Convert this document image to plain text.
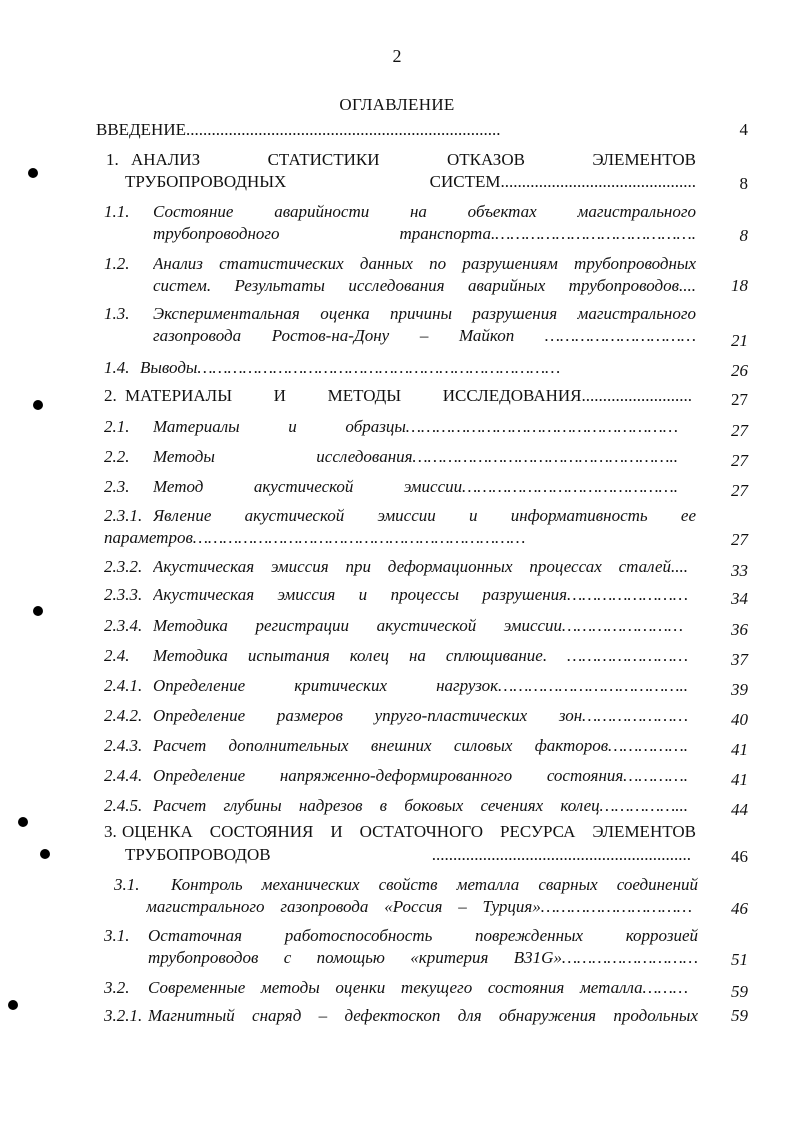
2
ОГЛАВЛЕНИЕ
ВВЕДЕНИЕ..........................................................................	4
1. АНАЛИЗ СТАТИСТИКИ ОТКАЗОВ ЭЛЕМЕНТОВ
ТРУБОПРОВОДНЫХ СИСТЕМ..............................................	8
1.1. Состояние аварийности на объектах магистрального
трубопроводного транспорта.………………………………….	8
1.2. Анализ статистических данных по разрушениям трубопроводных
систем. Результаты исследования аварийных трубопроводов....	18
1.3. Экспериментальная оценка причины разрушения магистрального
газопровода Ростов-на-Дону – Майкоп …………………………	21
1.4. Выводы………………………………………………………………	26
2. МАТЕРИАЛЫ И МЕТОДЫ ИССЛЕДОВАНИЯ..........................	27
2.1. Материалы и образцы………………………………………………	27
2.2. Методы исследования……………………………………………..	27
2.3. Метод акустической эмиссии…………………………………….	27
2.3.1. Явление акустической эмиссии и информативность ее
параметров…………………………………………………………	27
2.3.2. Акустическая эмиссия при деформационных процессах сталей....	33
2.3.3. Акустическая эмиссия и процессы разрушения……………………	34
2.3.4. Методика регистрации акустической эмиссии……………………	36
2.4. Методика испытания колец на сплющивание. ……………………	37
2.4.1. Определение критических нагрузок………………………………..	39
2.4.2. Определение размеров упруго-пластических зон…………………	40
2.4.3. Расчет дополнительных внешних силовых факторов…………….	41
2.4.4. Определение напряженно-деформированного состояния………….	41
2.4.5. Расчет глубины надрезов в боковых сечениях колец……………...	44
3. ОЦЕНКА СОСТОЯНИЯ И ОСТАТОЧНОГО РЕСУРСА ЭЛЕМЕНТОВ
ТРУБОПРОВОДОВ .............................................................	46
3.1. Контроль механических свойств металла сварных соединений
магистрального газопровода «Россия – Турция»…………………………	46
3.1. Остаточная работоспособность поврежденных коррозией
трубопроводов с помощью «критерия B31G»………………………	51
3.2. Современные методы оценки текущего состояния металла………	59
3.2.1. Магнитный снаряд – дефектоскоп для обнаружения продольных	59
